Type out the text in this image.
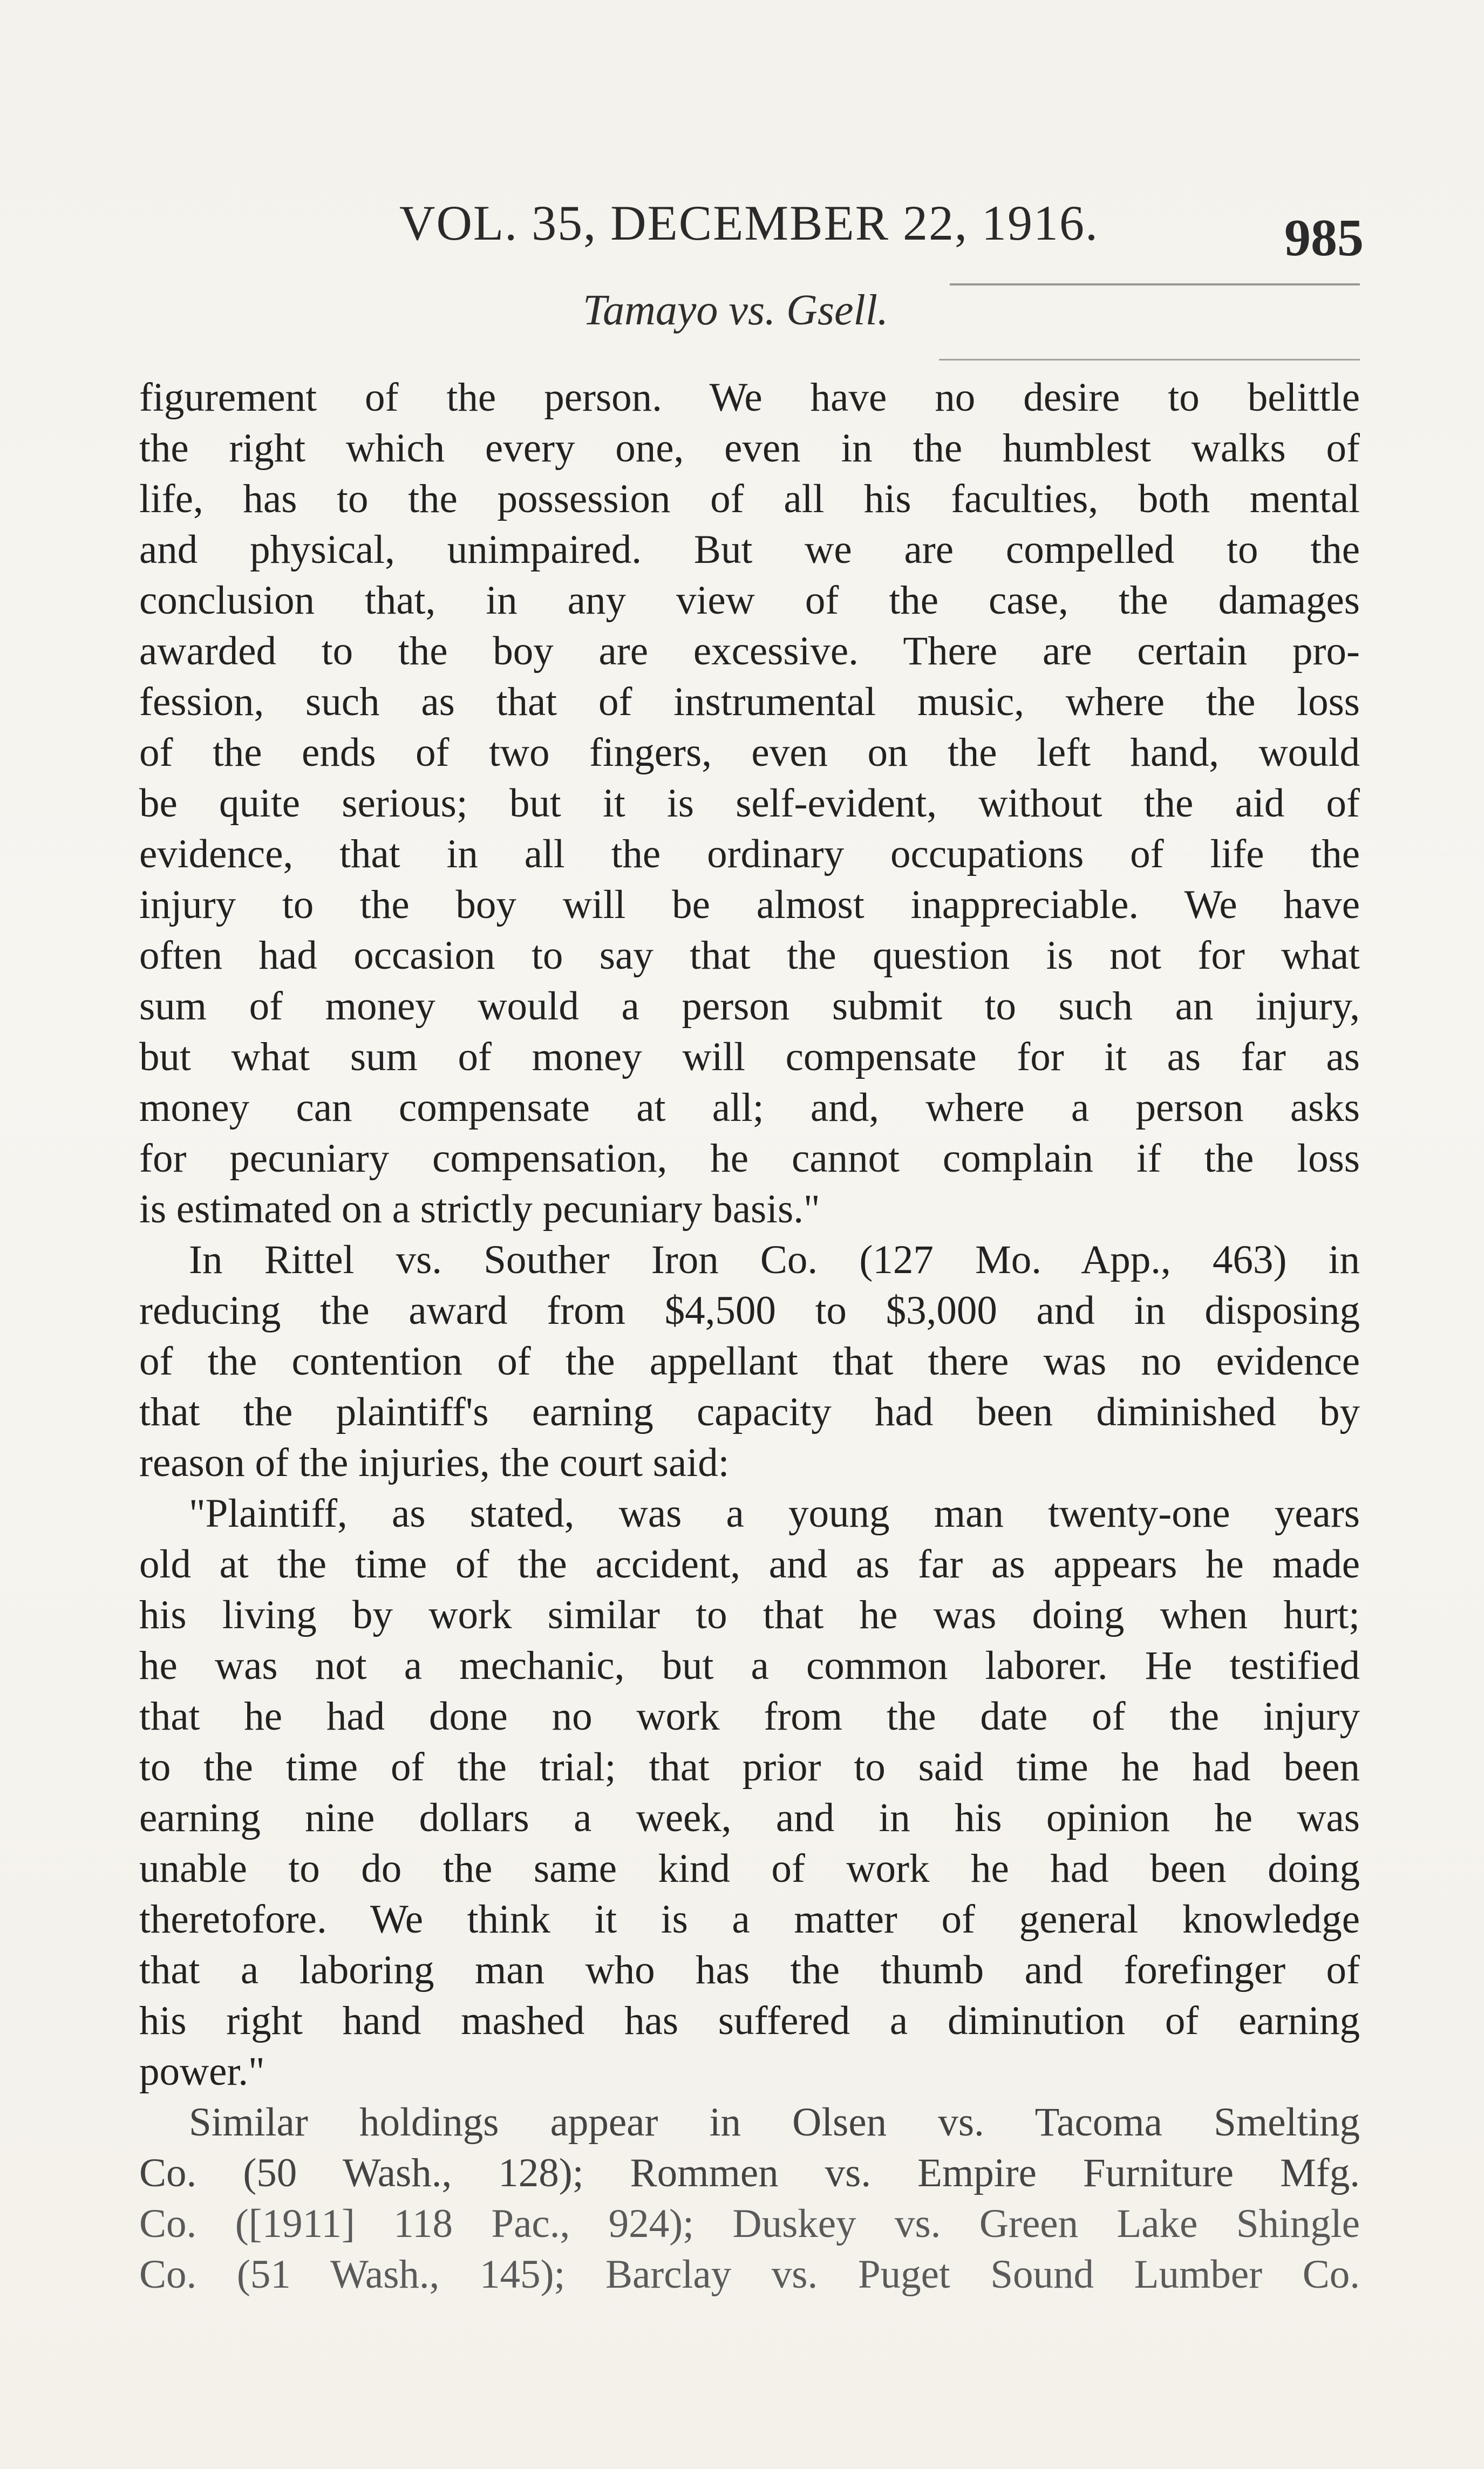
VOL. 35, DECEMBER 22, 1916.	985
Tamayo vs. Gsell.
figurement of the person. We have no desire to belittle
the right which every one, even in the humblest walks of
life, has to the possession of all his faculties, both mental
and physical, unimpaired. But we are compelled to the
conclusion that, in any view of the case, the damages
awarded to the boy are excessive. There are certain pro-
fession, such as that of instrumental music, where the loss
of the ends of two fingers, even on the left hand, would
be quite serious; but it is self-evident, without the aid of
evidence, that in all the ordinary occupations of life the
injury to the boy will be almost inappreciable. We have
often had occasion to say that the question is not for what
sum of money would a person submit to such an injury,
but what sum of money will compensate for it as far as
money can compensate at all; and, where a person asks
for pecuniary compensation, he cannot complain if the loss
is estimated on a strictly pecuniary basis."
In Rittel vs. Souther Iron Co. (127 Mo. App., 463) in
reducing the award from $4,500 to $3,000 and in disposing
of the contention of the appellant that there was no evidence
that the plaintiff's earning capacity had been diminished by
reason of the injuries, the court said:
"Plaintiff, as stated, was a young man twenty-one years
old at the time of the accident, and as far as appears he made
his living by work similar to that he was doing when hurt;
he was not a mechanic, but a common laborer. He testified
that he had done no work from the date of the injury
to the time of the trial; that prior to said time he had been
earning nine dollars a week, and in his opinion he was
unable to do the same kind of work he had been doing
theretofore. We think it is a matter of general knowledge
that a laboring man who has the thumb and forefinger of
his right hand mashed has suffered a diminution of earning
power."
Similar holdings appear in Olsen vs. Tacoma Smelting
Co. (50 Wash., 128); Rommen vs. Empire Furniture Mfg.
Co. ([1911] 118 Pac., 924); Duskey vs. Green Lake Shingle
Co. (51 Wash., 145); Barclay vs. Puget Sound Lumber Co.
